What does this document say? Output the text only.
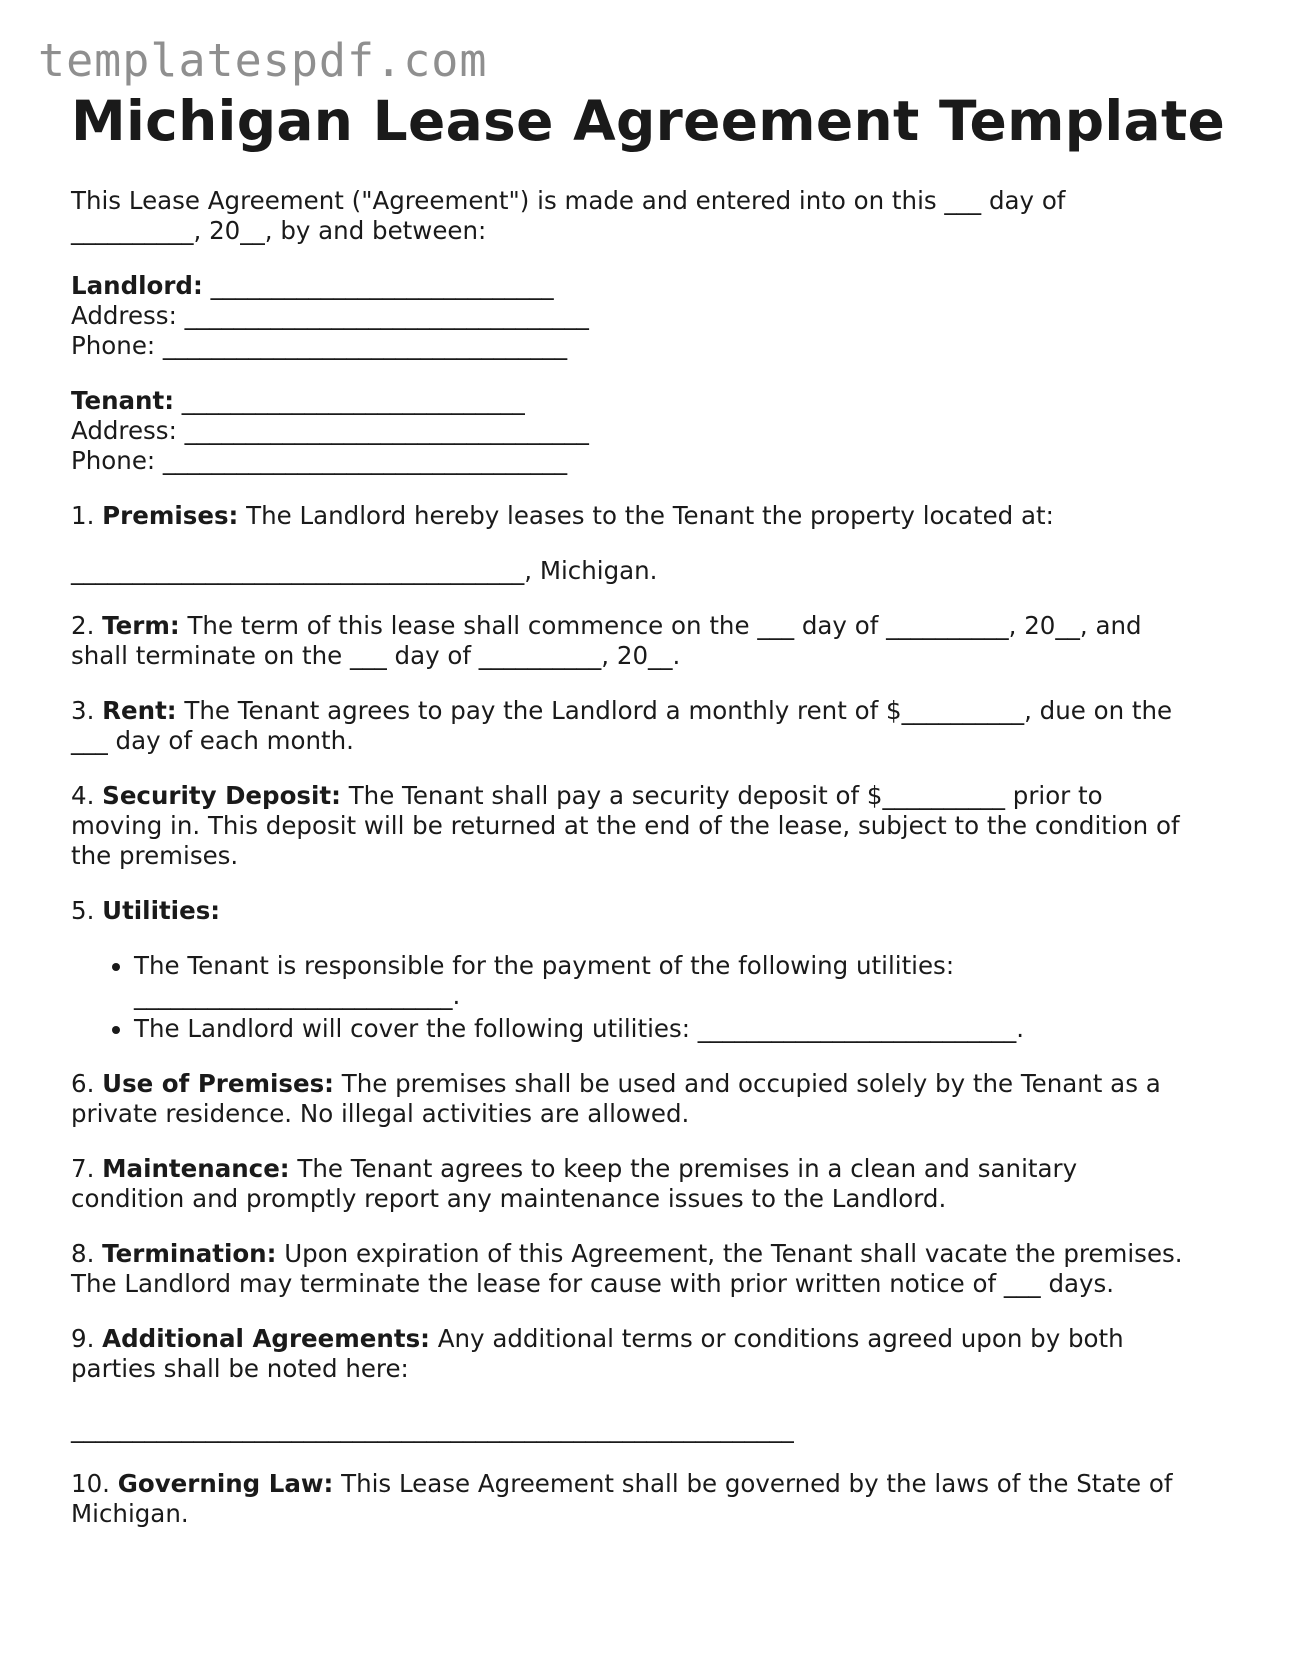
templatespdf.com
Michigan Lease Agreement Template

This Lease Agreement ("Agreement") is made and entered into on this ___ day of
__________, 20__, by and between:

Landlord: ____________________________
Address: _________________________________
Phone: _________________________________
Tenant: ____________________________
Address: _________________________________
Phone: _________________________________

1. Premises: The Landlord hereby leases to the Tenant the property located at:

_____________________________________, Michigan.

2. Term: The term of this lease shall commence on the ___ day of __________, 20__, and
shall terminate on the ___ day of __________, 20__.

3. Rent: The Tenant agrees to pay the Landlord a monthly rent of $__________, due on the
___ day of each month.

4. Security Deposit: The Tenant shall pay a security deposit of $__________ prior to
moving in. This deposit will be returned at the end of the lease, subject to the condition of
the premises.

5. Utilities:

• The Tenant is responsible for the payment of the following utilities:
__________________________.
• The Landlord will cover the following utilities: __________________________.

6. Use of Premises: The premises shall be used and occupied solely by the Tenant as a
private residence. No illegal activities are allowed.

7. Maintenance: The Tenant agrees to keep the premises in a clean and sanitary
condition and promptly report any maintenance issues to the Landlord.

8. Termination: Upon expiration of this Agreement, the Tenant shall vacate the premises.
The Landlord may terminate the lease for cause with prior written notice of ___ days.

9. Additional Agreements: Any additional terms or conditions agreed upon by both
parties shall be noted here:

___________________________________________________________

10. Governing Law: This Lease Agreement shall be governed by the laws of the State of
Michigan.
